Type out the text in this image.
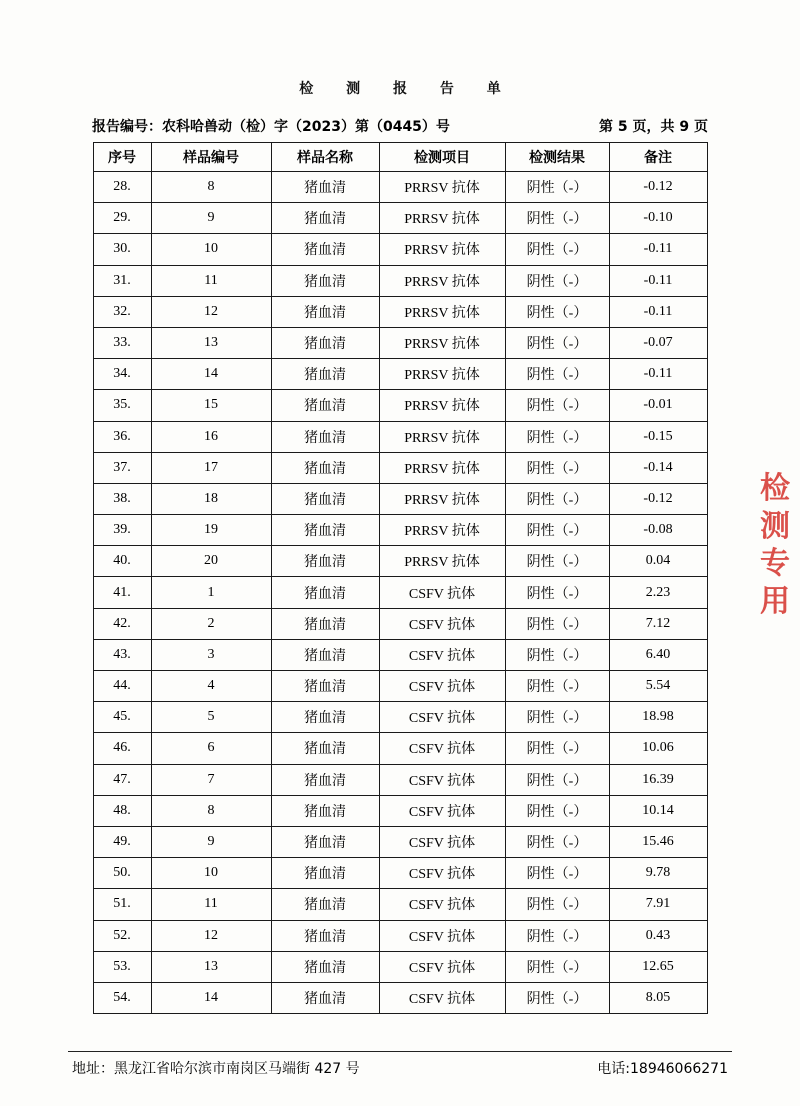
检 测 报 告 单
报告编号：农科哈兽动（检）字（2023）第（0445）号	第 5 页，共 9 页
序号	样品编号	样品名称	检测项目	检测结果	备注
28.	8	猪血清	PRRSV 抗体	阴性（-）	-0.12
29.	9	猪血清	PRRSV 抗体	阴性（-）	-0.10
30.	10	猪血清	PRRSV 抗体	阴性（-）	-0.11
31.	11	猪血清	PRRSV 抗体	阴性（-）	-0.11
32.	12	猪血清	PRRSV 抗体	阴性（-）	-0.11
33.	13	猪血清	PRRSV 抗体	阴性（-）	-0.07
34.	14	猪血清	PRRSV 抗体	阴性（-）	-0.11
35.	15	猪血清	PRRSV 抗体	阴性（-）	-0.01
36.	16	猪血清	PRRSV 抗体	阴性（-）	-0.15
37.	17	猪血清	PRRSV 抗体	阴性（-）	-0.14
38.	18	猪血清	PRRSV 抗体	阴性（-）	-0.12
39.	19	猪血清	PRRSV 抗体	阴性（-）	-0.08
40.	20	猪血清	PRRSV 抗体	阴性（-）	0.04
41.	1	猪血清	CSFV 抗体	阴性（-）	2.23
42.	2	猪血清	CSFV 抗体	阴性（-）	7.12
43.	3	猪血清	CSFV 抗体	阴性（-）	6.40
44.	4	猪血清	CSFV 抗体	阴性（-）	5.54
45.	5	猪血清	CSFV 抗体	阴性（-）	18.98
46.	6	猪血清	CSFV 抗体	阴性（-）	10.06
47.	7	猪血清	CSFV 抗体	阴性（-）	16.39
48.	8	猪血清	CSFV 抗体	阴性（-）	10.14
49.	9	猪血清	CSFV 抗体	阴性（-）	15.46
50.	10	猪血清	CSFV 抗体	阴性（-）	9.78
51.	11	猪血清	CSFV 抗体	阴性（-）	7.91
52.	12	猪血清	CSFV 抗体	阴性（-）	0.43
53.	13	猪血清	CSFV 抗体	阴性（-）	12.65
54.	14	猪血清	CSFV 抗体	阴性（-）	8.05
检
测
专
用
地址：黑龙江省哈尔滨市南岗区马端街 427 号	电话:18946066271
